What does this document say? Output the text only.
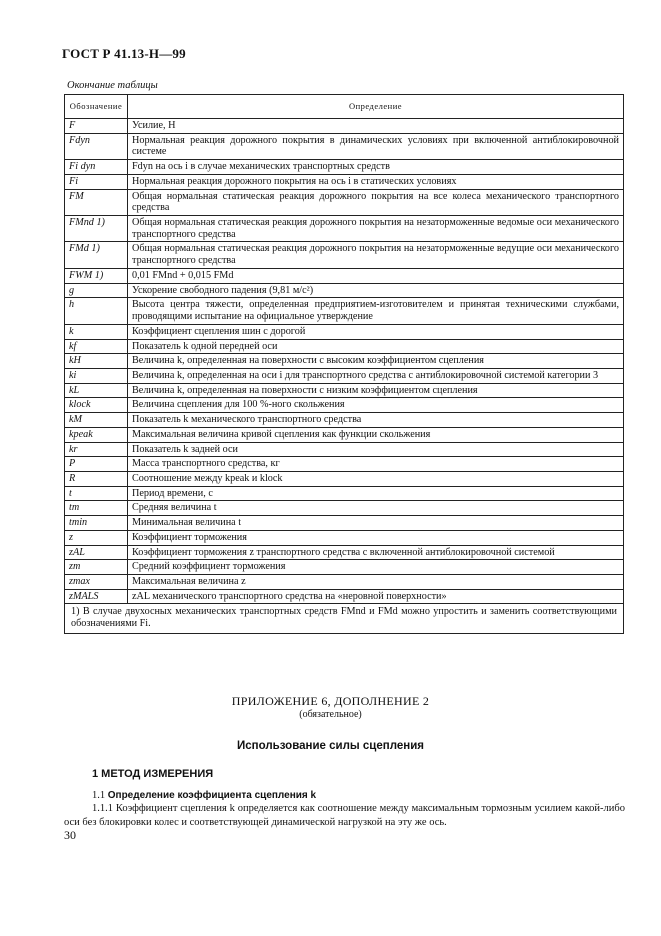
ГОСТ Р 41.13-Н—99
Окончание таблицы
Обозначение	Определение
F	Усилие, Н
Fdyn	Нормальная реакция дорожного покрытия в динамических условиях при включенной антиблокировочной системе
Fi dyn	Fdyn на ось i в случае механических транспортных средств
Fi	Нормальная реакция дорожного покрытия на ось i в статических условиях
FM	Общая нормальная статическая реакция дорожного покрытия на все колеса механического транспортного средства
FMnd 1)	Общая нормальная статическая реакция дорожного покрытия на незаторможенные ведомые оси механического транспортного средства
FMd 1)	Общая нормальная статическая реакция дорожного покрытия на незаторможенные ведущие оси механического транспортного средства
FWM 1)	0,01 FMnd + 0,015 FMd
g	Ускорение свободного падения (9,81 м/с²)
h	Высота центра тяжести, определенная предприятием-изготовителем и принятая техническими службами, проводящими испытание на официальное утверждение
k	Коэффициент сцепления шин с дорогой
kf	Показатель k одной передней оси
kH	Величина k, определенная на поверхности с высоким коэффициентом сцепления
ki	Величина k, определенная на оси i для транспортного средства с антиблокировочной системой категории 3
kL	Величина k, определенная на поверхности с низким коэффициентом сцепления
klock	Величина сцепления для 100 %-ного скольжения
kM	Показатель k механического транспортного средства
kpeak	Максимальная величина кривой сцепления как функции скольжения
kr	Показатель k задней оси
P	Масса транспортного средства, кг
R	Соотношение между kpeak и klock
t	Период времени, с
tm	Средняя величина t
tmin	Минимальная величина t
z	Коэффициент торможения
zAL	Коэффициент торможения z транспортного средства с включенной антиблокировочной системой
zm	Средний коэффициент торможения
zmax	Максимальная величина z
zMALS	zAL механического транспортного средства на «неровной поверхности»
1) В случае двухосных механических транспортных средств FMnd и FMd можно упростить и заменить соответствующими обозначениями Fi.	
ПРИЛОЖЕНИЕ 6, ДОПОЛНЕНИЕ 2
(обязательное)
Использование силы сцепления
1 МЕТОД ИЗМЕРЕНИЯ
1.1 Определение коэффициента сцепления k
1.1.1 Коэффициент сцепления k определяется как соотношение между максимальным тормозным усилием какой-либо оси без блокировки колес и соответствующей динамической нагрузкой на эту же ось.
30
